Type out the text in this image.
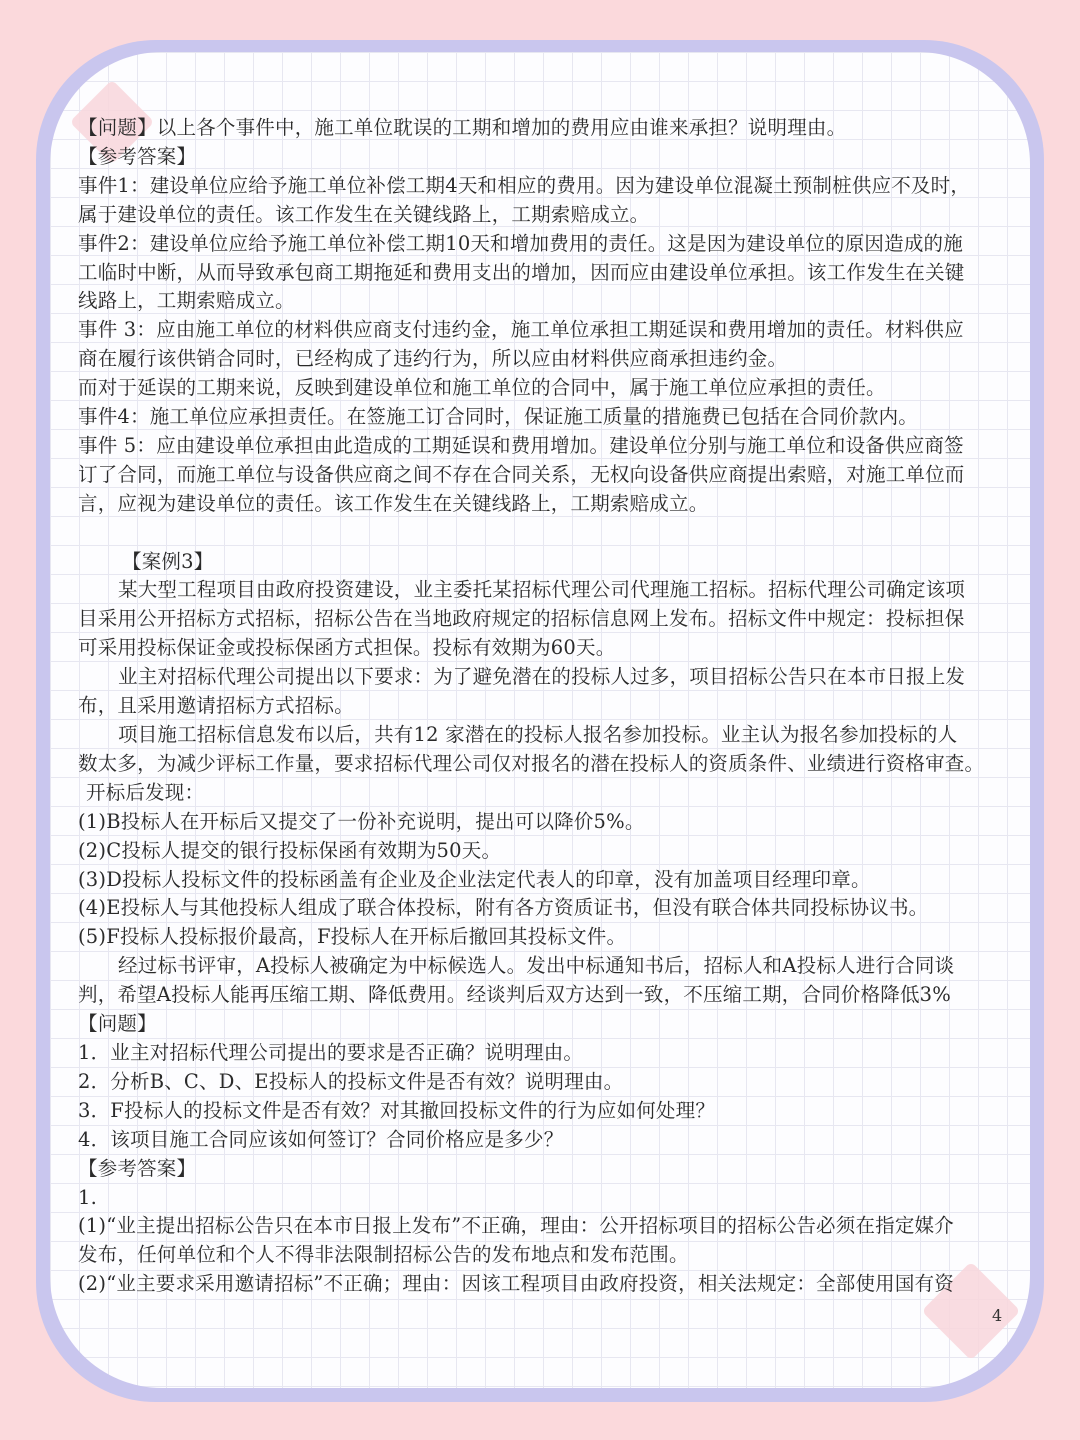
【问题】以上各个事件中，施工单位耽误的工期和增加的费用应由谁来承担？说明理由。

【参考答案】

事件1：建设单位应给予施工单位补偿工期4天和相应的费用。因为建设单位混凝土预制桩供应不及时，

属于建设单位的责任。该工作发生在关键线路上，工期索赔成立。

事件2：建设单位应给予施工单位补偿工期10天和增加费用的责任。这是因为建设单位的原因造成的施

工临时中断，从而导致承包商工期拖延和费用支出的增加，因而应由建设单位承担。该工作发生在关键

线路上，工期索赔成立。

事件 3：应由施工单位的材料供应商支付违约金，施工单位承担工期延误和费用增加的责任。材料供应

商在履行该供销合同时，已经构成了违约行为，所以应由材料供应商承担违约金。

而对于延误的工期来说，反映到建设单位和施工单位的合同中，属于施工单位应承担的责任。

事件4：施工单位应承担责任。在签施工订合同时，保证施工质量的措施费已包括在合同价款内。

事件 5：应由建设单位承担由此造成的工期延误和费用增加。建设单位分别与施工单位和设备供应商签

订了合同，而施工单位与设备供应商之间不存在合同关系，无权向设备供应商提出索赔，对施工单位而

言，应视为建设单位的责任。该工作发生在关键线路上，工期索赔成立。

【案例3】

某大型工程项目由政府投资建设，业主委托某招标代理公司代理施工招标。招标代理公司确定该项

目采用公开招标方式招标，招标公告在当地政府规定的招标信息网上发布。招标文件中规定：投标担保

可采用投标保证金或投标保函方式担保。投标有效期为60天。

业主对招标代理公司提出以下要求：为了避免潜在的投标人过多，项目招标公告只在本市日报上发

布，且采用邀请招标方式招标。

项目施工招标信息发布以后，共有12 家潜在的投标人报名参加投标。业主认为报名参加投标的人

数太多，为减少评标工作量，要求招标代理公司仅对报名的潜在投标人的资质条件、业绩进行资格审查。

开标后发现：

(1)B投标人在开标后又提交了一份补充说明，提出可以降价5%。

(2)C投标人提交的银行投标保函有效期为50天。

(3)D投标人投标文件的投标函盖有企业及企业法定代表人的印章，没有加盖项目经理印章。

(4)E投标人与其他投标人组成了联合体投标，附有各方资质证书，但没有联合体共同投标协议书。

(5)F投标人投标报价最高，F投标人在开标后撤回其投标文件。

经过标书评审，A投标人被确定为中标候选人。发出中标通知书后，招标人和A投标人进行合同谈

判，希望A投标人能再压缩工期、降低费用。经谈判后双方达到一致，不压缩工期，合同价格降低3%

【问题】

1．业主对招标代理公司提出的要求是否正确？说明理由。

2．分析B、C、D、E投标人的投标文件是否有效？说明理由。

3．F投标人的投标文件是否有效？对其撤回投标文件的行为应如何处理？

4．该项目施工合同应该如何签订？合同价格应是多少？

【参考答案】

1.

(1)“业主提出招标公告只在本市日报上发布”不正确，理由：公开招标项目的招标公告必须在指定媒介

发布，任何单位和个人不得非法限制招标公告的发布地点和发布范围。

(2)“业主要求采用邀请招标”不正确；理由：因该工程项目由政府投资，相关法规定：全部使用国有资

4
